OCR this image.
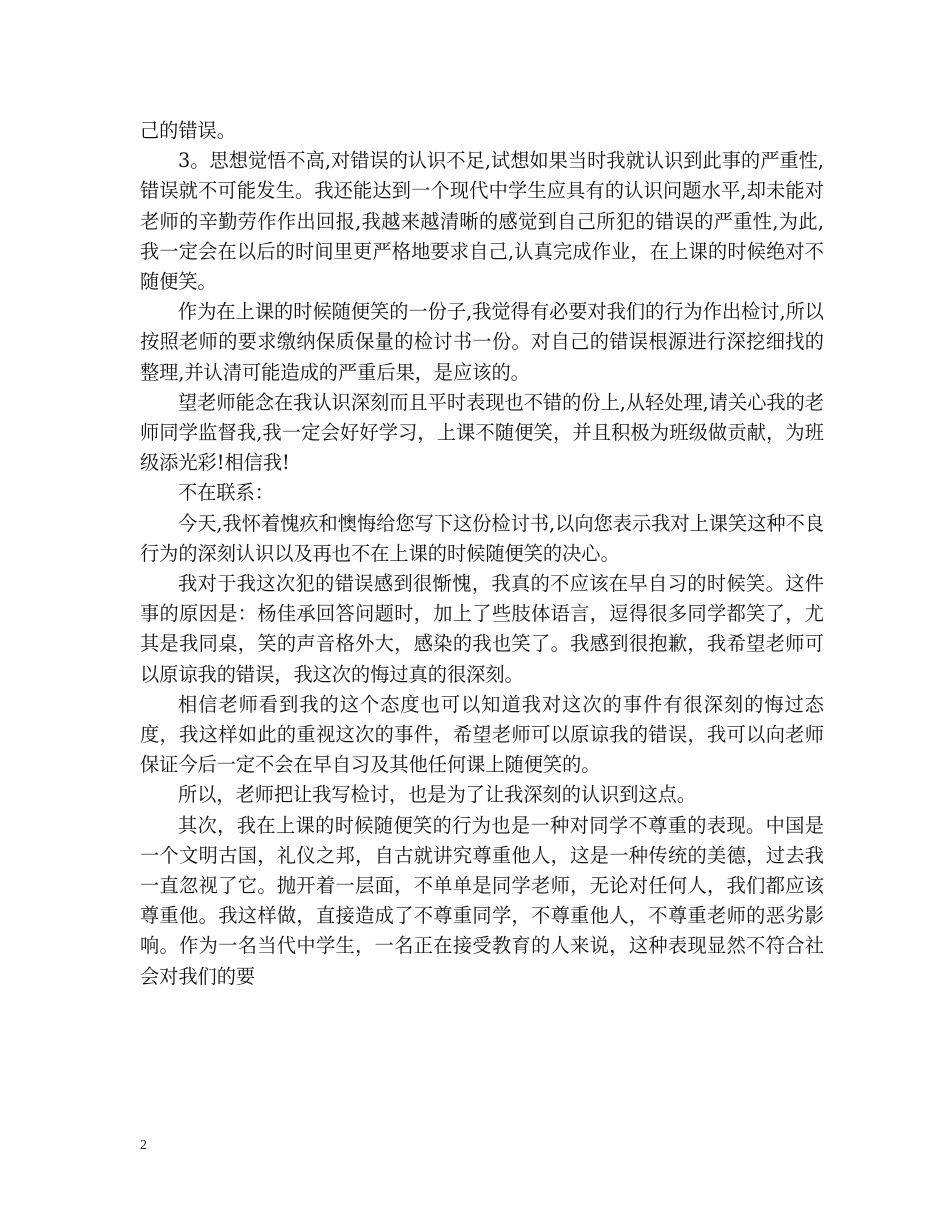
己的错误。

3。思想觉悟不高,对错误的认识不足,试想如果当时我就认识到此事的严重性,错误就不可能发生。我还能达到一个现代中学生应具有的认识问题水平,却未能对老师的辛勤劳作作出回报,我越来越清晰的感觉到自己所犯的错误的严重性,为此,我一定会在以后的时间里更严格地要求自己,认真完成作业，在上课的时候绝对不随便笑。

作为在上课的时候随便笑的一份子,我觉得有必要对我们的行为作出检讨,所以按照老师的要求缴纳保质保量的检讨书一份。对自己的错误根源进行深挖细找的整理,并认清可能造成的严重后果，是应该的。

望老师能念在我认识深刻而且平时表现也不错的份上,从轻处理,请关心我的老师同学监督我,我一定会好好学习，上课不随便笑，并且积极为班级做贡献，为班级添光彩!相信我!

不在联系：

今天,我怀着愧疚和懊悔给您写下这份检讨书,以向您表示我对上课笑这种不良行为的深刻认识以及再也不在上课的时候随便笑的决心。

我对于我这次犯的错误感到很惭愧，我真的不应该在早自习的时候笑。这件事的原因是：杨佳承回答问题时，加上了些肢体语言，逗得很多同学都笑了，尤其是我同桌，笑的声音格外大，感染的我也笑了。我感到很抱歉，我希望老师可以原谅我的错误，我这次的悔过真的很深刻。

相信老师看到我的这个态度也可以知道我对这次的事件有很深刻的悔过态度，我这样如此的重视这次的事件，希望老师可以原谅我的错误，我可以向老师保证今后一定不会在早自习及其他任何课上随便笑的。

所以，老师把让我写检讨，也是为了让我深刻的认识到这点。

其次，我在上课的时候随便笑的行为也是一种对同学不尊重的表现。中国是一个文明古国，礼仪之邦，自古就讲究尊重他人，这是一种传统的美德，过去我一直忽视了它。抛开着一层面，不单单是同学老师，无论对任何人，我们都应该尊重他。我这样做，直接造成了不尊重同学，不尊重他人，不尊重老师的恶劣影响。作为一名当代中学生，一名正在接受教育的人来说，这种表现显然不符合社会对我们的要

2
